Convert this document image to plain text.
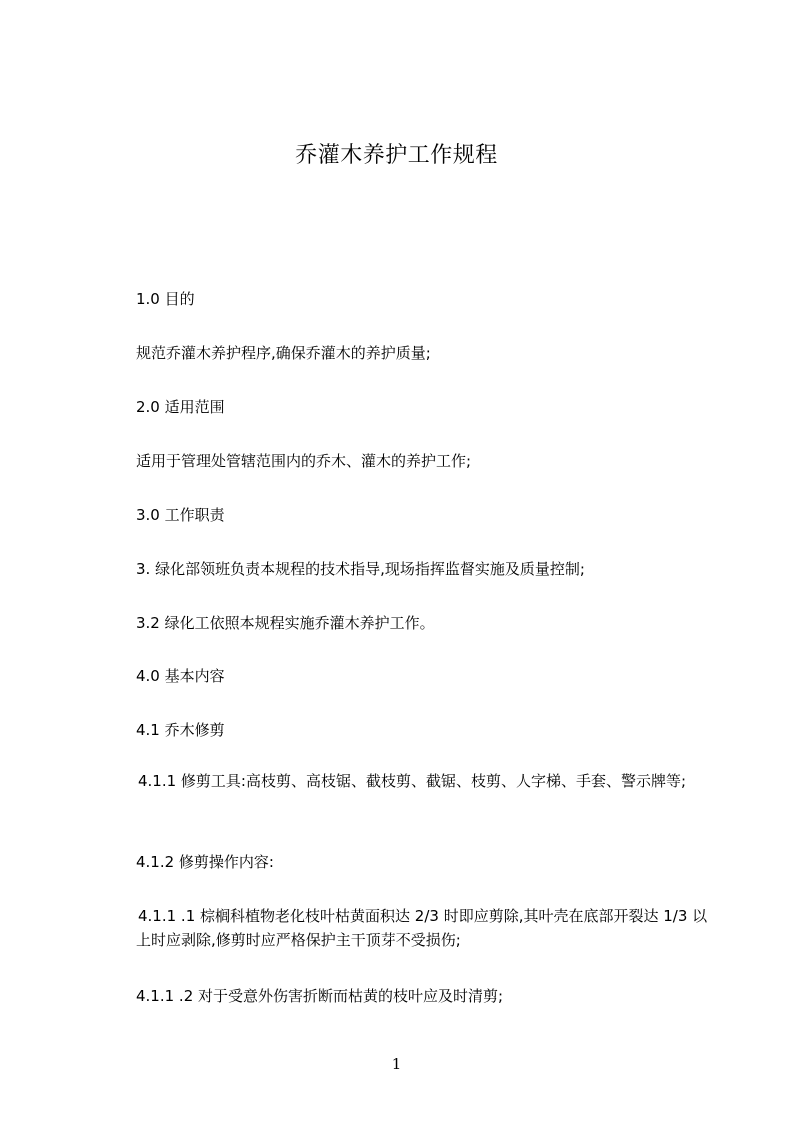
乔灌木养护工作规程
1.0 目的
规范乔灌木养护程序,确保乔灌木的养护质量;
2.0 适用范围
适用于管理处管辖范围内的乔木、灌木的养护工作;
3.0 工作职责
3. 绿化部领班负责本规程的技术指导,现场指挥监督实施及质量控制;
3.2 绿化工依照本规程实施乔灌木养护工作。
4.0 基本内容
4.1 乔木修剪
4.1.1 修剪工具:高枝剪、高枝锯、截枝剪、截锯、枝剪、人字梯、手套、警示牌等;
4.1.2 修剪操作内容:
4.1.1 .1 棕榈科植物老化枝叶枯黄面积达 2/3 时即应剪除,其叶壳在底部开裂达 1/3 以上时应剥除,修剪时应严格保护主干顶芽不受损伤;
4.1.1 .2 对于受意外伤害折断而枯黄的枝叶应及时清剪;
1
